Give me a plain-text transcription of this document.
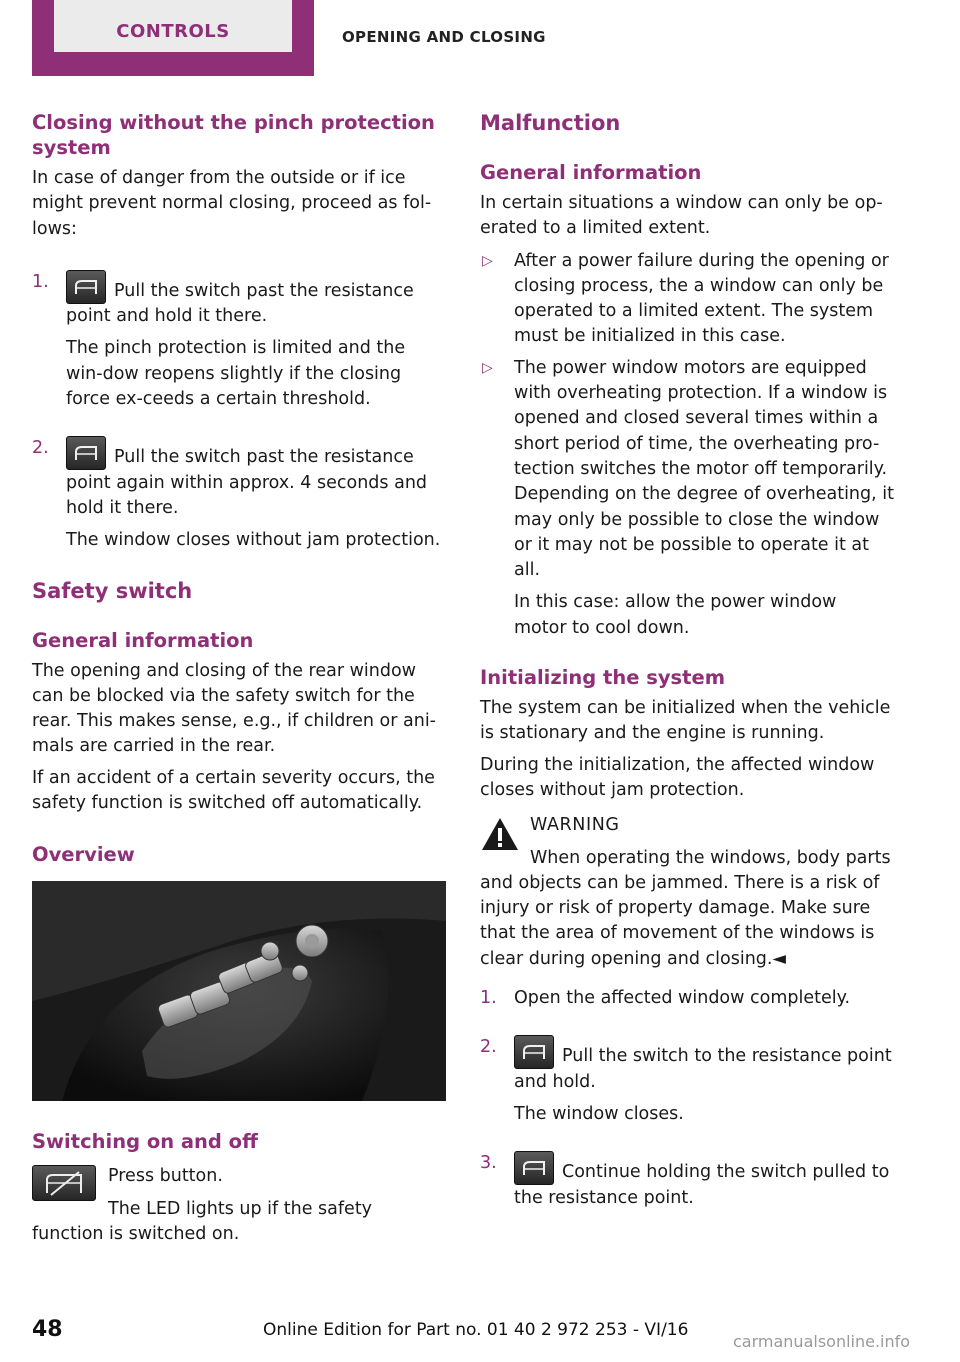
CONTROLS	OPENING AND CLOSING
Closing without the pinch protection system

In case of danger from the outside or if ice might prevent normal closing, proceed as fol-lows:

1.	Pull the switch past the resistance point and hold it there.

The pinch protection is limited and the win-dow reopens slightly if the closing force ex-ceeds a certain threshold.

2.	Pull the switch past the resistance point again within approx. 4 seconds and hold it there.

The window closes without jam protection.

Safety switch
General information

The opening and closing of the rear window can be blocked via the safety switch for the rear. This makes sense, e.g., if children or ani-mals are carried in the rear.

If an accident of a certain severity occurs, the safety function is switched off automatically.

Overview
Switching on and off

Press button.

The LED lights up if the safety function is switched on.

Malfunction
General information

In certain situations a window can only be op-erated to a limited extent.

▷ After a power failure during the opening or closing process, the a window can only be operated to a limited extent. The system must be initialized in this case.

▷ The power window motors are equipped with overheating protection. If a window is opened and closed several times within a short period of time, the overheating pro-tection switches the motor off temporarily. Depending on the degree of overheating, it may only be possible to close the window or it may not be possible to operate it at all.

In this case: allow the power window motor to cool down.

Initializing the system

The system can be initialized when the vehicle is stationary and the engine is running.

During the initialization, the affected window closes without jam protection.

WARNING

When operating the windows, body parts and objects can be jammed. There is a risk of injury or risk of property damage. Make sure that the area of movement of the windows is clear during opening and closing.◄

1. Open the affected window completely.

2.	Pull the switch to the resistance point and hold.

The window closes.

3.	Continue holding the switch pulled to the resistance point.
48	Online Edition for Part no. 01 40 2 972 253 - VI/16
carmanualsonline.info
